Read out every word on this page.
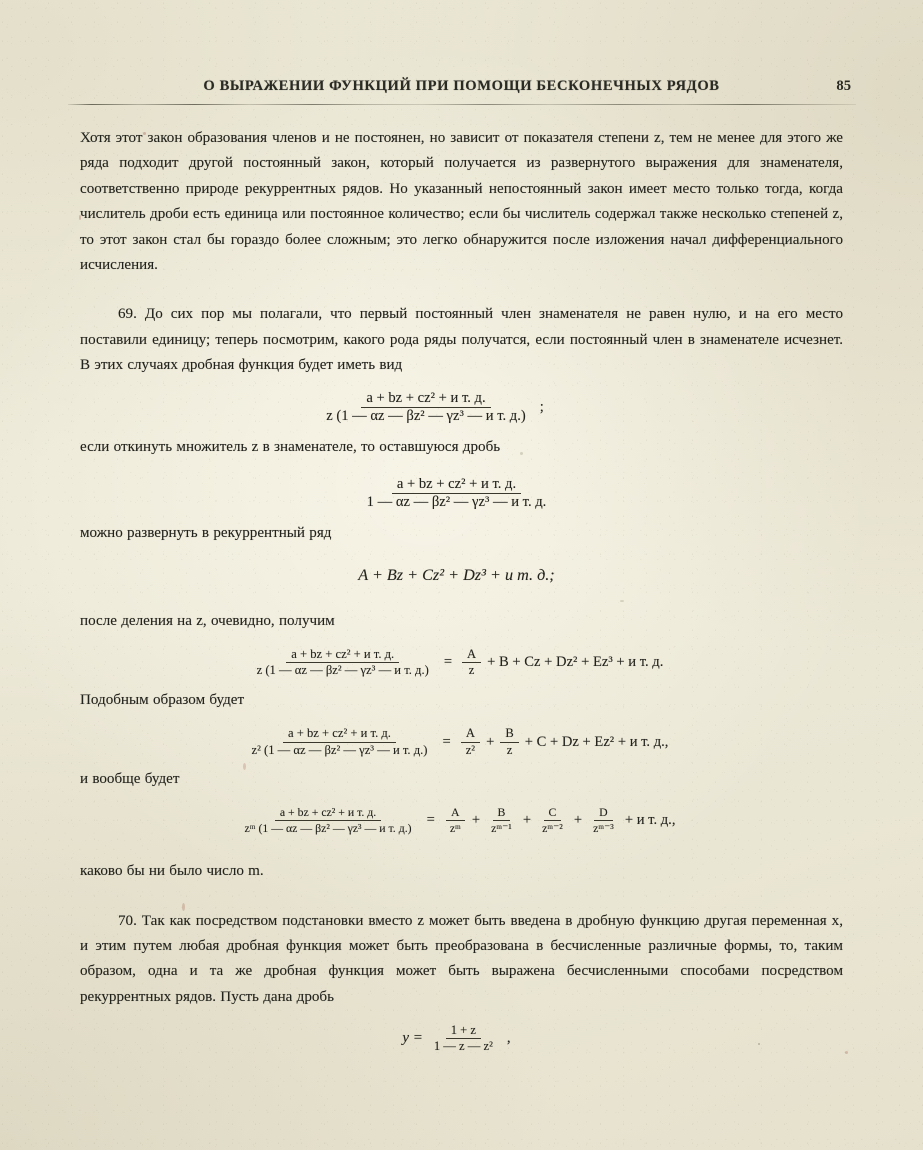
О ВЫРАЖЕНИИ ФУНКЦИЙ ПРИ ПОМОЩИ БЕСКОНЕЧНЫХ РЯДОВ	85

Хотя этот закон образования членов и не постоянен, но зависит от показателя степени z, тем не менее для этого же ряда подходит другой постоянный закон, который получается из развернутого выражения для знаменателя, соответственно природе рекуррентных рядов. Но указанный непостоянный закон имеет место только тогда, когда числитель дроби есть единица или постоянное количество; если бы числитель содержал также несколько степеней z, то этот закон стал бы гораздо более сложным; это легко обнаружится после изложения начал дифференциального исчисления.

69. До сих пор мы полагали, что первый постоянный член знаменателя не равен нулю, и на его место поставили единицу; теперь посмотрим, какого рода ряды получатся, если постоянный член в знаменателе исчезнет. В этих случаях дробная функция будет иметь вид

$\frac{\text{a + bz + cz² + и т. д.}}{\text{z (1 — αz — βz² — γz³ — и т. д.)}}$ ;

если откинуть множитель z в знаменателе, то оставшуюся дробь

$\frac{\text{a + bz + cz² + и т. д.}}{\text{1 — αz — βz² — γz³ — и т. д.}}$

можно развернуть в рекуррентный ряд

A + Bz + Cz² + Dz³ + и т. д.;

после деления на z, очевидно, получим

$\frac{\text{a + bz + cz² + и т. д.}}{\text{z (1 — αz — βz² — γz³ — и т. д.)}} = \frac{A}{z} + B + Cz + Dz^2 + Ez^3 + и$ т. д.

Подобным образом будет

$\frac{\text{a + bz + cz² + и т. д.}}{\text{z² (1 — αz — βz² — γz³ — и т. д.)}} = \frac{A}{\text{z²}} + \frac{B}{z} + C + Dz + Ez^2 + и$ т. д.,

и вообще будет

$\frac{\text{a + bz + cz² + и т. д.}}{\text{zᵐ (1 — αz — βz² — γz³ — и т. д.)}} = \frac{A}{\text{zᵐ}} + \frac{B}{\text{zᵐ⁻¹}} + \frac{C}{\text{zᵐ⁻²}} + \frac{D}{\text{zᵐ⁻³}} + и$ т. д.,

каково бы ни было число m.

70. Так как посредством подстановки вместо z может быть введена в дробную функцию другая переменная x, и этим путем любая дробная функция может быть преобразована в бесчисленные различные формы, то, таким образом, одна и та же дробная функция может быть выражена бесчисленными способами посредством рекуррентных рядов. Пусть дана дробь

$y = \frac{1 + z}{\text{1 — z — z²}}$ ,
